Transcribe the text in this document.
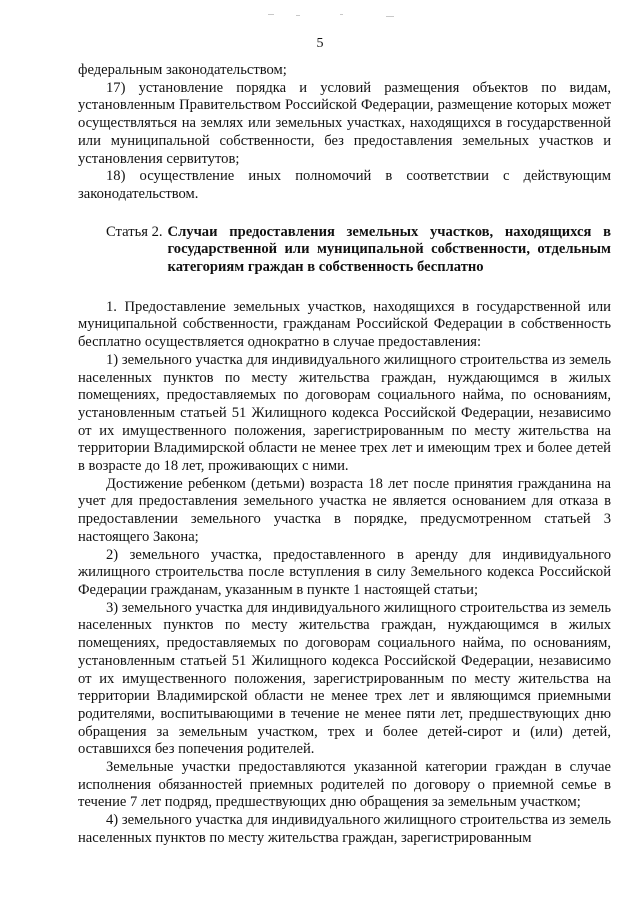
5

федеральным законодательством;

17) установление порядка и условий размещения объектов по видам, установленным Правительством Российской Федерации, размещение которых может осуществляться на землях или земельных участках, находящихся в государственной или муниципальной собственности, без предоставления земельных участков и установления сервитутов;

18) осуществление иных полномочий в соответствии с действующим законодательством.

Статья 2. Случаи предоставления земельных участков, находящихся в государственной или муниципальной собственности, отдельным категориям граждан в собственность бесплатно

1. Предоставление земельных участков, находящихся в государственной или муниципальной собственности, гражданам Российской Федерации в собственность бесплатно осуществляется однократно в случае предоставления:

1) земельного участка для индивидуального жилищного строительства из земель населенных пунктов по месту жительства граждан, нуждающимся в жилых помещениях, предоставляемых по договорам социального найма, по основаниям, установленным статьей 51 Жилищного кодекса Российской Федерации, независимо от их имущественного положения, зарегистрированным по месту жительства на территории Владимирской области не менее трех лет и имеющим трех и более детей в возрасте до 18 лет, проживающих с ними.

Достижение ребенком (детьми) возраста 18 лет после принятия гражданина на учет для предоставления земельного участка не является основанием для отказа в предоставлении земельного участка в порядке, предусмотренном статьей 3 настоящего Закона;

2) земельного участка, предоставленного в аренду для индивидуального жилищного строительства после вступления в силу Земельного кодекса Российской Федерации гражданам, указанным в пункте 1 настоящей статьи;

3) земельного участка для индивидуального жилищного строительства из земель населенных пунктов по месту жительства граждан, нуждающимся в жилых помещениях, предоставляемых по договорам социального найма, по основаниям, установленным статьей 51 Жилищного кодекса Российской Федерации, независимо от их имущественного положения, зарегистрированным по месту жительства на территории Владимирской области не менее трех лет и являющимся приемными родителями, воспитывающими в течение не менее пяти лет, предшествующих дню обращения за земельным участком, трех и более детей-сирот и (или) детей, оставшихся без попечения родителей.

Земельные участки предоставляются указанной категории граждан в случае исполнения обязанностей приемных родителей по договору о приемной семье в течение 7 лет подряд, предшествующих дню обращения за земельным участком;

4) земельного участка для индивидуального жилищного строительства из земель населенных пунктов по месту жительства граждан, зарегистрированным
